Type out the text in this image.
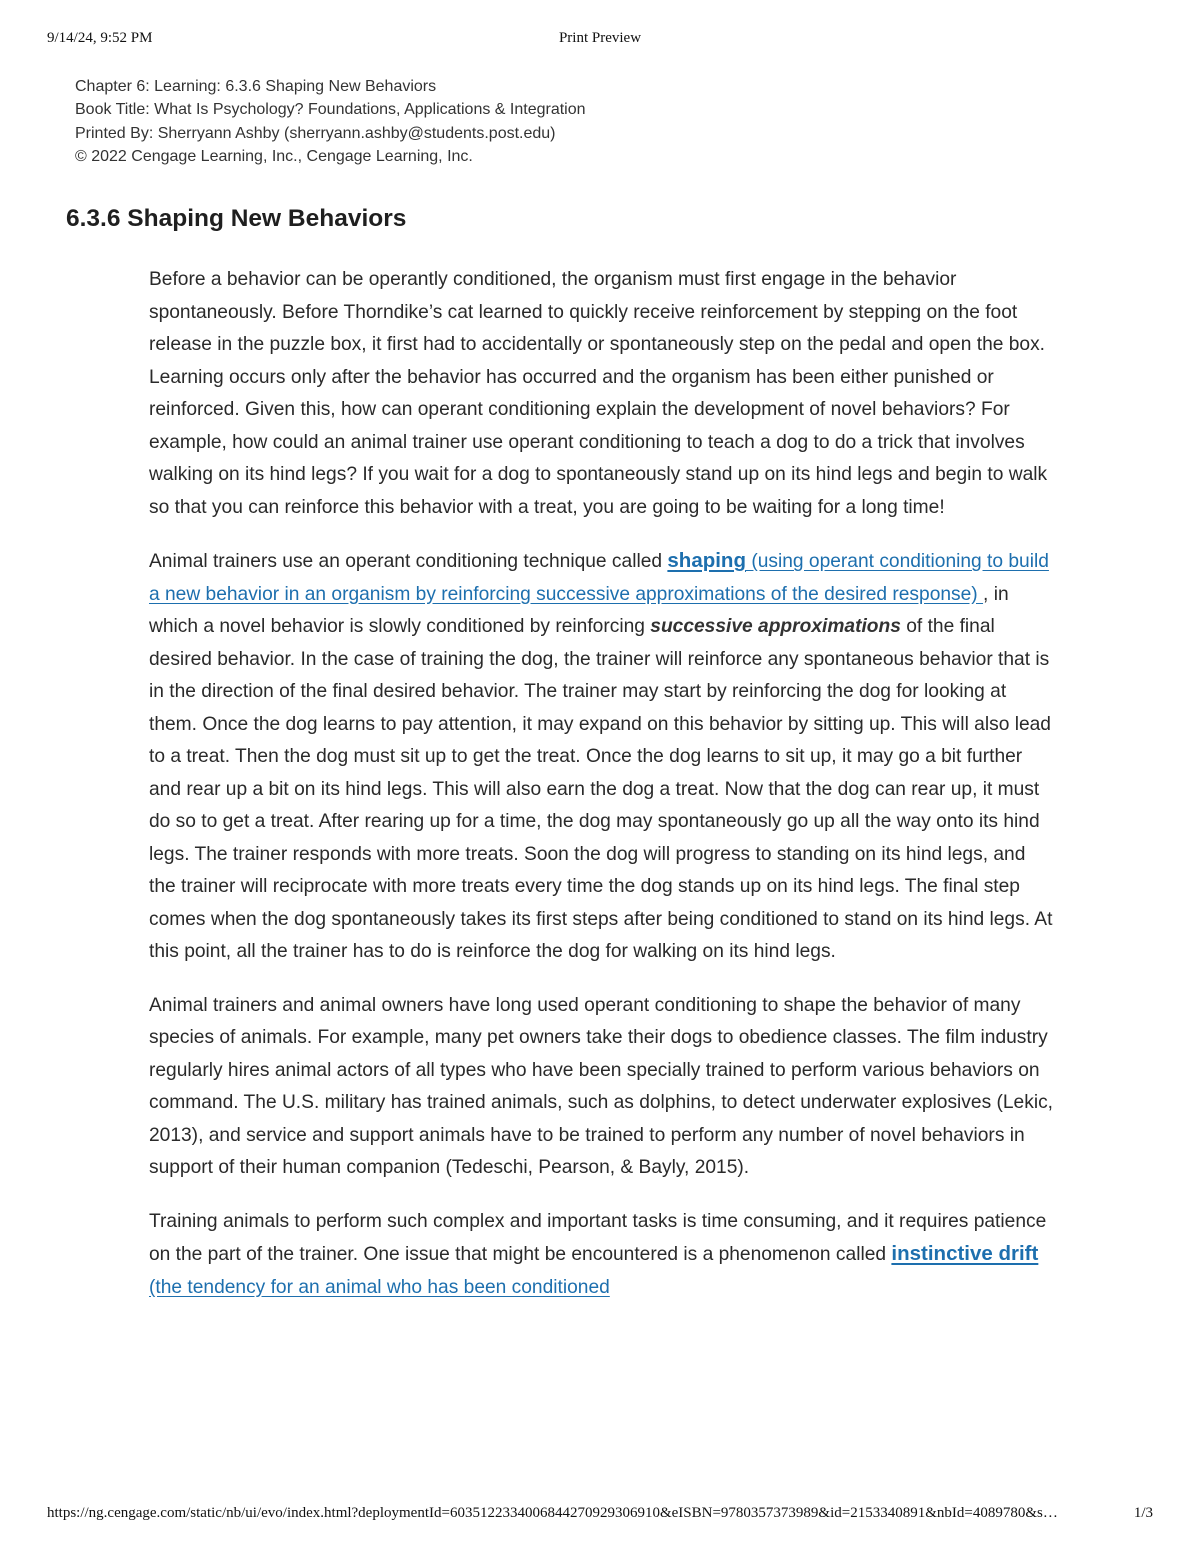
9/14/24, 9:52 PM	Print Preview
Chapter 6: Learning: 6.3.6 Shaping New Behaviors
Book Title: What Is Psychology? Foundations, Applications & Integration
Printed By: Sherryann Ashby (sherryann.ashby@students.post.edu)
© 2022 Cengage Learning, Inc., Cengage Learning, Inc.
6.3.6 Shaping New Behaviors

Before a behavior can be operantly conditioned, the organism must first engage in the behavior spontaneously. Before Thorndike’s cat learned to quickly receive reinforcement by stepping on the foot release in the puzzle box, it first had to accidentally or spontaneously step on the pedal and open the box. Learning occurs only after the behavior has occurred and the organism has been either punished or reinforced. Given this, how can operant conditioning explain the development of novel behaviors? For example, how could an animal trainer use operant conditioning to teach a dog to do a trick that involves walking on its hind legs? If you wait for a dog to spontaneously stand up on its hind legs and begin to walk so that you can reinforce this behavior with a treat, you are going to be waiting for a long time!

Animal trainers use an operant conditioning technique called shaping (using operant conditioning to build a new behavior in an organism by reinforcing successive approximations of the desired response) , in which a novel behavior is slowly conditioned by reinforcing successive approximations of the final desired behavior. In the case of training the dog, the trainer will reinforce any spontaneous behavior that is in the direction of the final desired behavior. The trainer may start by reinforcing the dog for looking at them. Once the dog learns to pay attention, it may expand on this behavior by sitting up. This will also lead to a treat. Then the dog must sit up to get the treat. Once the dog learns to sit up, it may go a bit further and rear up a bit on its hind legs. This will also earn the dog a treat. Now that the dog can rear up, it must do so to get a treat. After rearing up for a time, the dog may spontaneously go up all the way onto its hind legs. The trainer responds with more treats. Soon the dog will progress to standing on its hind legs, and the trainer will reciprocate with more treats every time the dog stands up on its hind legs. The final step comes when the dog spontaneously takes its first steps after being conditioned to stand on its hind legs. At this point, all the trainer has to do is reinforce the dog for walking on its hind legs.

Animal trainers and animal owners have long used operant conditioning to shape the behavior of many species of animals. For example, many pet owners take their dogs to obedience classes. The film industry regularly hires animal actors of all types who have been specially trained to perform various behaviors on command. The U.S. military has trained animals, such as dolphins, to detect underwater explosives (Lekic, 2013), and service and support animals have to be trained to perform any number of novel behaviors in support of their human companion (Tedeschi, Pearson, & Bayly, 2015).

Training animals to perform such complex and important tasks is time consuming, and it requires patience on the part of the trainer. One issue that might be encountered is a phenomenon called instinctive drift (the tendency for an animal who has been conditioned

https://ng.cengage.com/static/nb/ui/evo/index.html?deploymentId=6035122334006844270929306910&eISBN=9780357373989&id=2153340891&nbId=4089780&s…	1/3
